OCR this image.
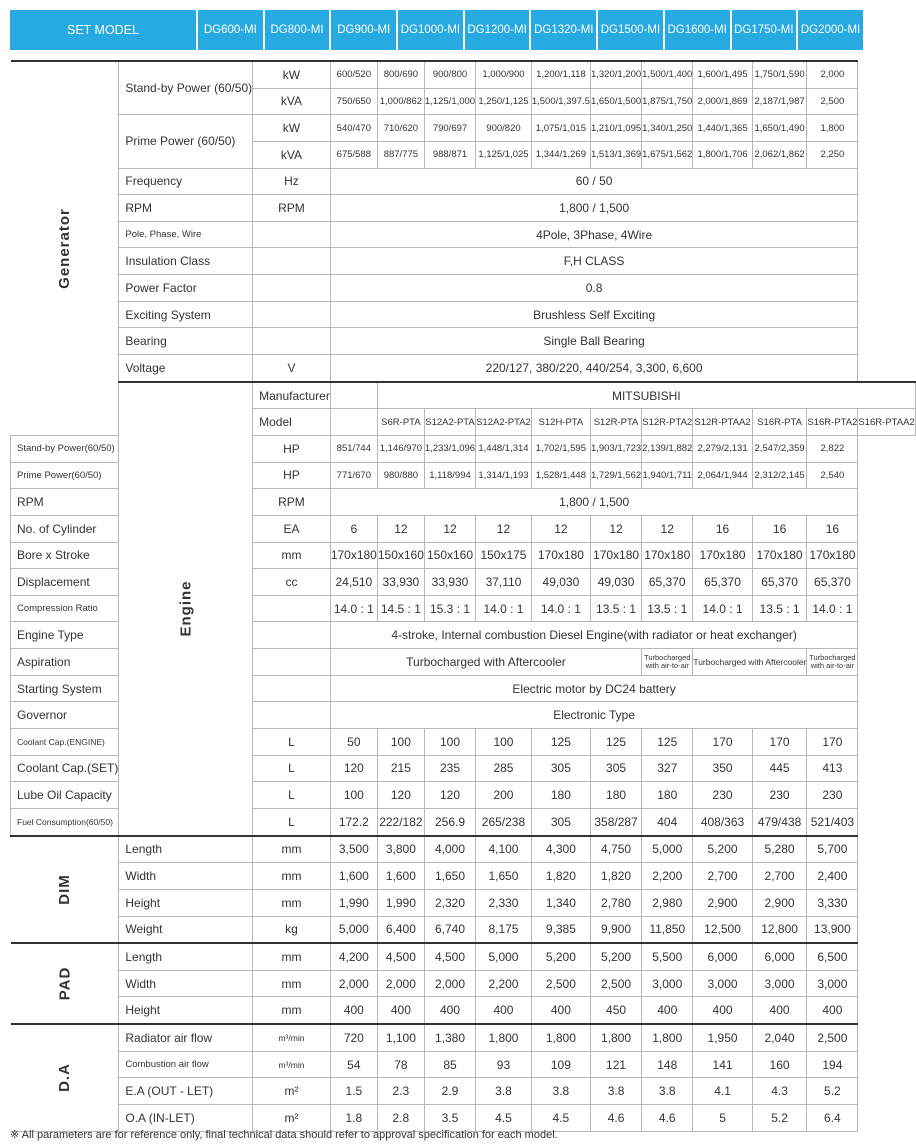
SET MODEL	DG600-MI	DG800-MI	DG900-MI DG1000-MI DG1200-MI DG1320-MI DG1500-MI DG1600-MI DG1750-MI DG2000-MI
Generator	Stand-by Power (60/50)	kW	600/520	800/690	900/800	1,000/900	1,200/1,118	1,320/1,200	1,500/1,400	1,600/1,495	1,750/1,590	2,000	
		kVA	750/650	1,000/862	1,125/1,000	1,250/1,125	1,500/1,397.5	1,650/1,500	1,875/1,750	2,000/1,869	2,187/1,987	2,500	
	Prime Power (60/50)	kW	540/470	710/620	790/697	900/820	1,075/1,015	1,210/1,095	1,340/1,250	1,440/1,365	1,650/1,490	1,800	
		kVA	675/588	887/775	988/871	1,125/1,025	1,344/1,269	1,513/1,369	1,675/1,562	1,800/1,706	2,062/1,862	2,250	
	Frequency	Hz	60 / 50										
	RPM	RPM	1,800 / 1,500										
	Pole, Phase, Wire		4Pole, 3Phase, 4Wire										
	Insulation Class		F,H CLASS										
	Power Factor		0.8										
	Exciting System		Brushless Self Exciting										
	Bearing		Single Ball Bearing										
	Voltage	V	220/127, 380/220, 440/254, 3,300, 6,600										
	Engine	Manufacturer		MITSUBISHI									
		Model		S6R-PTA	S12A2-PTA	S12A2-PTA2	S12H-PTA	S12R-PTA	S12R-PTA2	S12R-PTAA2	S16R-PTA	S16R-PTA2	S16R-PTAA2
Stand-by Power(60/50)		HP	851/744	1,146/970	1,233/1,096	1,448/1,314	1,702/1,595	1,903/1,723	2,139/1,882	2,279/2,131	2,547/2,359	2,822	
Prime Power(60/50)		HP	771/670	980/880	1,118/994	1,314/1,193	1,528/1,448	1,729/1,562	1,940/1,711	2,064/1,944	2,312/2,145	2,540	
RPM		RPM	1,800 / 1,500										
No. of Cylinder		EA	6	12	12	12	12	12	12	16	16	16	
Bore x Stroke		mm	170x180	150x160	150x160	150x175	170x180	170x180	170x180	170x180	170x180	170x180	
Displacement		cc	24,510	33,930	33,930	37,110	49,030	49,030	65,370	65,370	65,370	65,370	
Compression Ratio			14.0 : 1	14.5 : 1	15.3 : 1	14.0 : 1	14.0 : 1	13.5 : 1	13.5 : 1	14.0 : 1	13.5 : 1	14.0 : 1	
Engine Type			4-stroke, Internal combustion Diesel Engine(with radiator or heat exchanger)										
Aspiration			Turbocharged with Aftercooler						Turbocharged with air-to-air	Turbocharged with Aftercooler		Turbocharged with air-to-air	
Starting System			Electric motor by DC24 battery										
Governor			Electronic Type										
Coolant Cap.(ENGINE)		L	50	100	100	100	125	125	125	170	170	170	
Coolant Cap.(SET)		L	120	215	235	285	305	305	327	350	445	413	
Lube Oil Capacity		L	100	120	120	200	180	180	180	230	230	230	
Fuel Consumption(60/50)		L	172.2	222/182	256.9	265/238	305	358/287	404	408/363	479/438	521/403	
DIM	Length	mm	3,500	3,800	4,000	4,100	4,300	4,750	5,000	5,200	5,280	5,700	
	Width	mm	1,600	1,600	1,650	1,650	1,820	1,820	2,200	2,700	2,700	2,400	
	Height	mm	1,990	1,990	2,320	2,330	1,340	2,780	2,980	2,900	2,900	3,330	
	Weight	kg	5,000	6,400	6,740	8,175	9,385	9,900	11,850	12,500	12,800	13,900	
PAD	Length	mm	4,200	4,500	4,500	5,000	5,200	5,200	5,500	6,000	6,000	6,500	
	Width	mm	2,000	2,000	2,000	2,200	2,500	2,500	3,000	3,000	3,000	3,000	
	Height	mm	400	400	400	400	400	450	400	400	400	400	
D.A	Radiator air flow	m³/min	720	1,100	1,380	1,800	1,800	1,800	1,800	1,950	2,040	2,500	
	Combustion air flow	m³/min	54	78	85	93	109	121	148	141	160	194	
	E.A (OUT - LET)	m²	1.5	2.3	2.9	3.8	3.8	3.8	3.8	4.1	4.3	5.2	
	O.A (IN-LET)	m²	1.8	2.8	3.5	4.5	4.5	4.6	4.6	5	5.2	6.4	
※ All parameters are for reference only, final technical data should refer to approval specification for each model.
